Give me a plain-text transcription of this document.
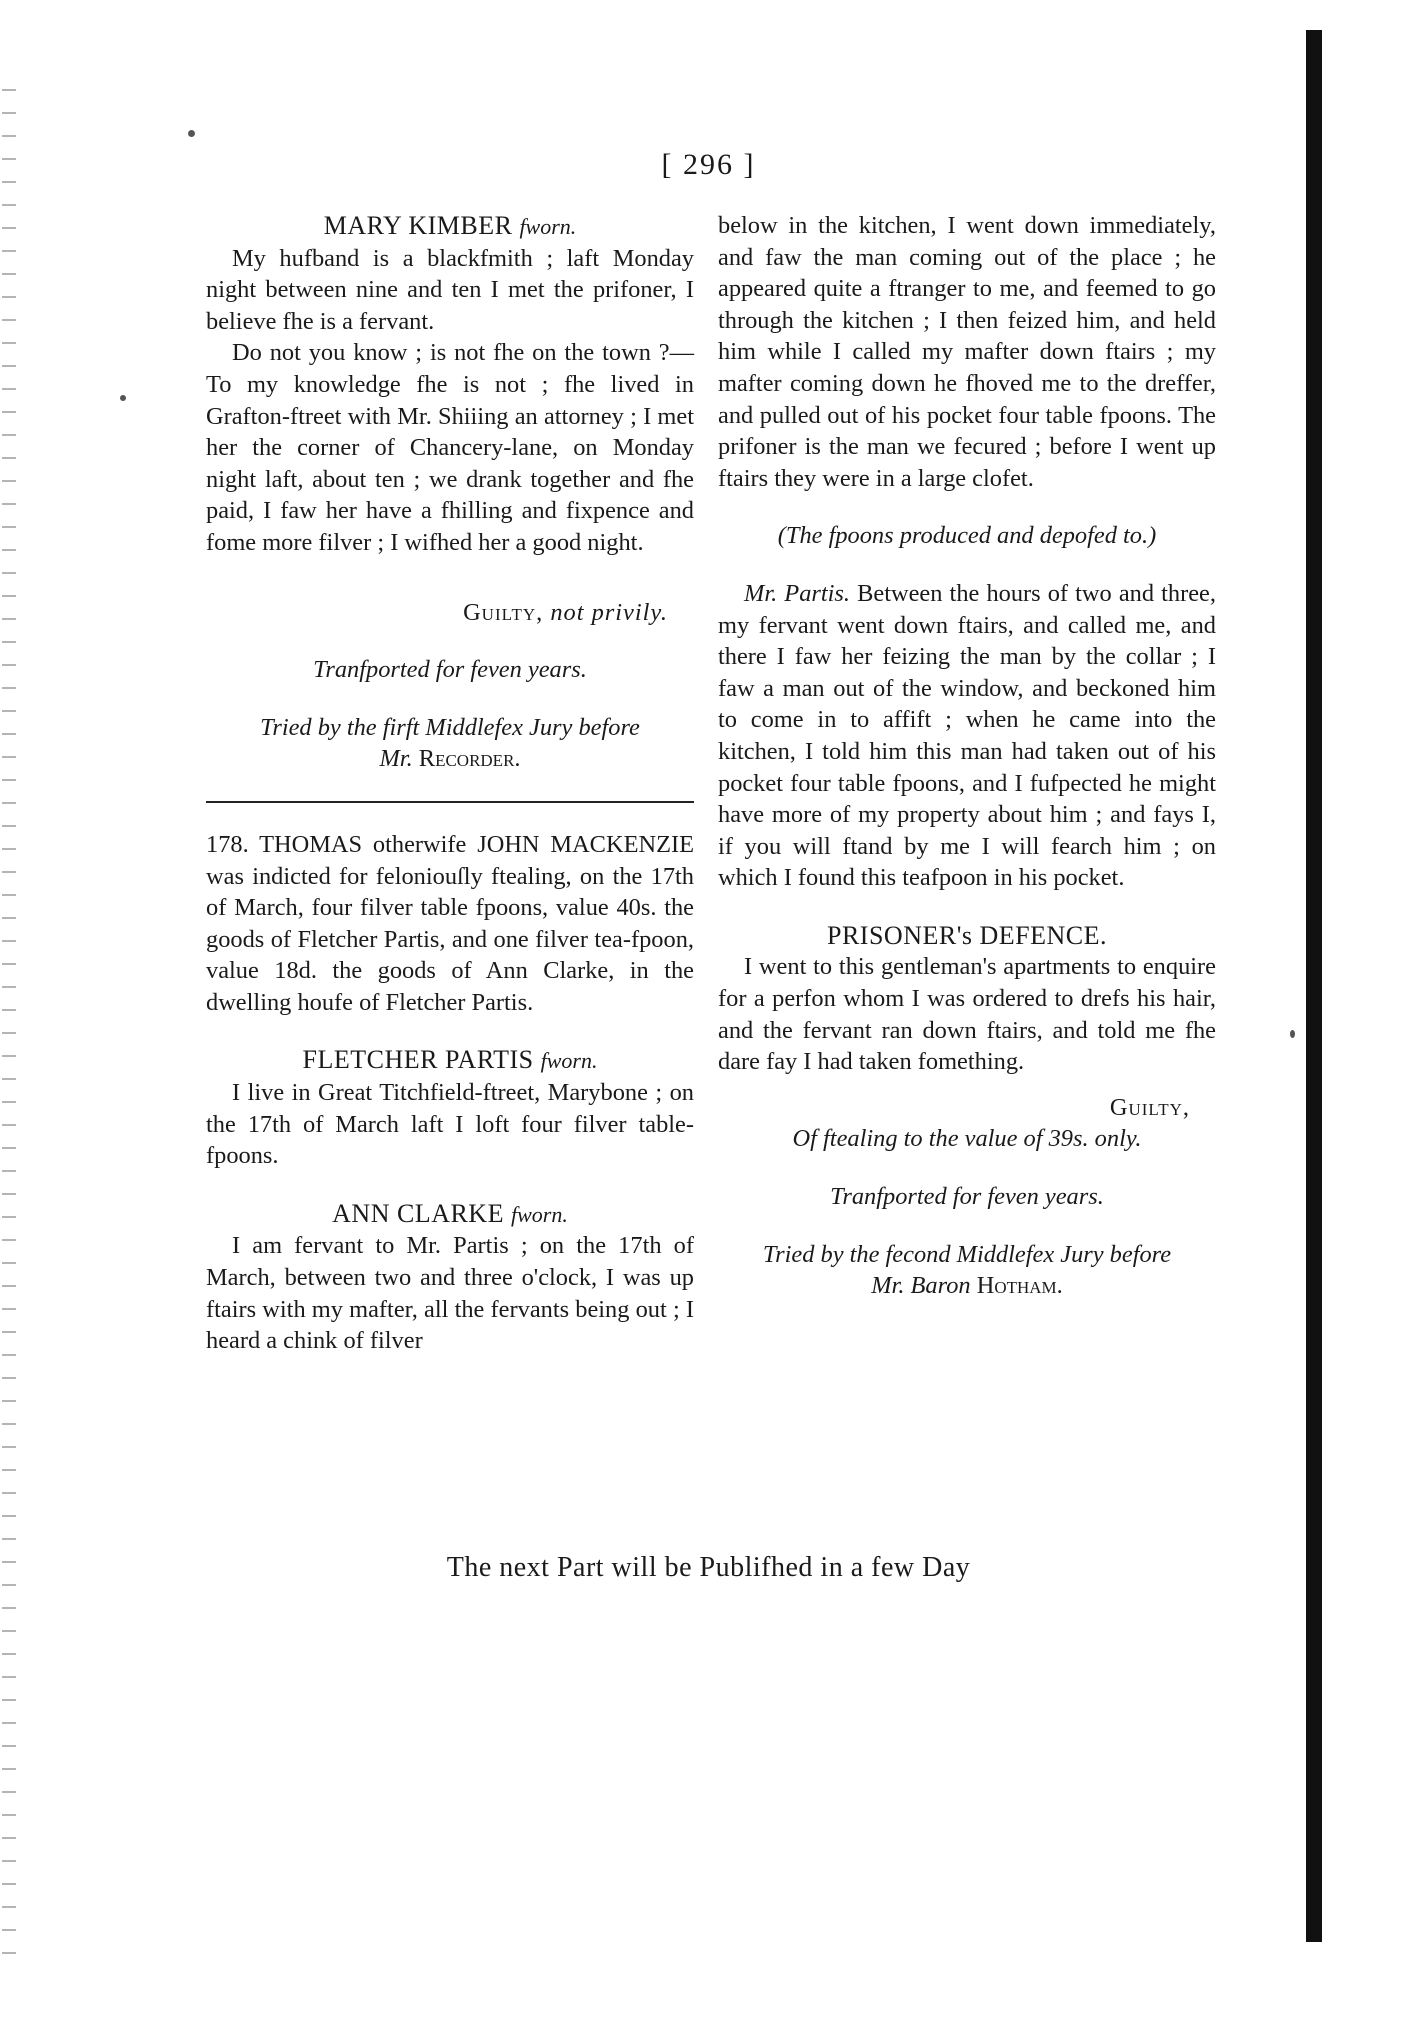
[ 296 ]
MARY KIMBER fworn.

My hufband is a blackfmith ; laft Monday night between nine and ten I met the prifoner, I believe fhe is a fervant.

Do not you know ; is not fhe on the town ?—To my knowledge fhe is not ; fhe lived in Grafton-ftreet with Mr. Shiiing an attorney ; I met her the corner of Chancery-lane, on Monday night laft, about ten ; we drank together and fhe paid, I faw her have a fhilling and fixpence and fome more filver ; I wifhed her a good night.

Guilty, not privily.
Tranfported for feven years.
Tried by the firft Middlefex Jury before
Mr. Recorder.

178. THOMAS otherwife JOHN MACKENZIE was indicted for feloniouſly ftealing, on the 17th of March, four filver table fpoons, value 40s. the goods of Fletcher Partis, and one filver tea-fpoon, value 18d. the goods of Ann Clarke, in the dwelling houfe of Fletcher Partis.

FLETCHER PARTIS fworn.

I live in Great Titchfield-ftreet, Marybone ; on the 17th of March laft I loft four filver table-fpoons.

ANN CLARKE fworn.

I am fervant to Mr. Partis ; on the 17th of March, between two and three o'clock, I was up ftairs with my mafter, all the fervants being out ; I heard a chink of filver

below in the kitchen, I went down immediately, and faw the man coming out of the place ; he appeared quite a ftranger to me, and feemed to go through the kitchen ; I then feized him, and held him while I called my mafter down ftairs ; my mafter coming down he fhoved me to the dreffer, and pulled out of his pocket four table fpoons. The prifoner is the man we fecured ; before I went up ftairs they were in a large clofet.

(The fpoons produced and depofed to.)

Mr. Partis. Between the hours of two and three, my fervant went down ftairs, and called me, and there I faw her feizing the man by the collar ; I faw a man out of the window, and beckoned him to come in to affift ; when he came into the kitchen, I told him this man had taken out of his pocket four table fpoons, and I fufpected he might have more of my property about him ; and fays I, if you will ftand by me I will fearch him ; on which I found this teafpoon in his pocket.

PRISONER's DEFENCE.

I went to this gentleman's apartments to enquire for a perfon whom I was ordered to drefs his hair, and the fervant ran down ftairs, and told me fhe dare fay I had taken fomething.

Guilty,
Of ftealing to the value of 39s. only.
Tranfported for feven years.
Tried by the fecond Middlefex Jury before
Mr. Baron Hotham.
The next Part will be Publifhed in a few Day
